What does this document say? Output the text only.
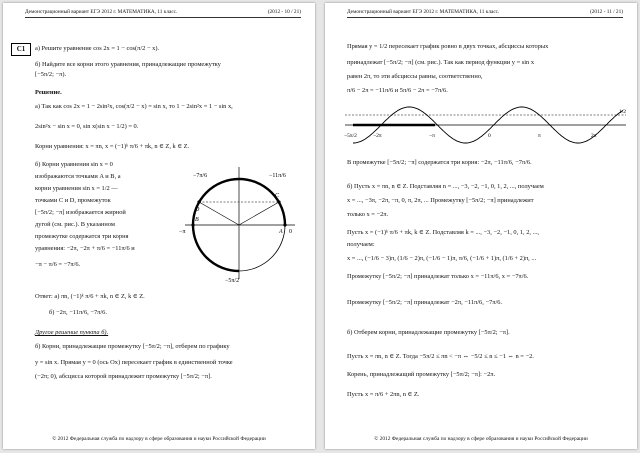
Демонстрационный вариант ЕГЭ 2012 г. МАТЕМАТИКА, 11 класс.	(2012 - 10 / 21)
C1	а) Решите уравнение cos 2x = 1 − cos(π/2 − x).
б) Найдите все корни этого уравнения, принадлежащие промежутку
[−5π/2; −π).
Решение.
а) Так как cos 2x = 1 − 2sin²x, cos(π/2 − x) = sin x, то 1 − 2sin²x = 1 − sin x,
2sin²x − sin x = 0, sin x(sin x − 1/2) = 0.
Корни уравнения: x = πn, x = (−1)ᵏ π/6 + πk, n ∈ Z, k ∈ Z.
б) Корни уравнения sin x = 0
изображаются точками A и B, а
корни уравнения sin x = 1/2 —
точками C и D, промежуток
[−5π/2; −π] изображается жирной
дугой (см. рис.). В указанном
промежутке содержатся три корня
уравнения: −2π, −2π + π/6 = −11π/6 и
−π − π/6 = −7π/6.
−7π/6	−11π/6
−π
−5π/2
C
D
A
B
0
Ответ: а) πn, (−1)ᵏ π/6 + πk, n ∈ Z, k ∈ Z.
б) −2π, −11π/6, −7π/6.
Другое решение пункта б).
б) Корни, принадлежащие промежутку [−5π/2; −π], отберем по графику
y = sin x. Прямая y = 0 (ось Ox) пересекает график в единственной точке
(−2π; 0), абсцисса которой принадлежит промежутку [−5π/2; −π].
© 2012 Федеральная служба по надзору в сфере образования и науки Российской Федерации
Демонстрационный вариант ЕГЭ 2012 г. МАТЕМАТИКА, 11 класс.	(2012 - 11 / 21)
Прямая y = 1/2 пересекает график ровно в двух точках, абсциссы которых
принадлежат [−5π/2; −π] (см. рис.). Так как период функции y = sin x
равен 2π, то эти абсциссы равны, соответственно,
π/6 − 2π = −11π/6 и 5π/6 − 2π = −7π/6.
−5π/2	−2π	−π	0	π	2π
1/2
В промежутке [−5π/2; −π] содержатся три корня: −2π, −11π/6, −7π/6.
б) Пусть x = πn, n ∈ Z. Подставляя n = ..., −3, −2, −1, 0, 1, 2, ..., получаем
x = ..., −3π, −2π, −π, 0, π, 2π, ... Промежутку [−5π/2; −π] принадлежит
только x = −2π.
Пусть x = (−1)ᵏ π/6 + πk, k ∈ Z. Подставляя k = ..., −3, −2, −1, 0, 1, 2, ...,
получаем:
x = ..., (−1/6 − 3)π, (1/6 − 2)π, (−1/6 − 1)π, π/6, (−1/6 + 1)π, (1/6 + 2)π, ...
Промежутку [−5π/2; −π] принадлежат только x = −11π/6, x = −7π/6.
Промежутку [−5π/2; −π] принадлежат −2π, −11π/6, −7π/6.
б) Отберем корни, принадлежащие промежутку [−5π/2; −π].
Пусть x = πn, n ∈ Z. Тогда −5π/2 ≤ πn < −π ⇔ −5/2 ≤ n ≤ −1 ⇔ n = −2.
Корень, принадлежащий промежутку [−5π/2; −π]: −2π.
Пусть x = π/6 + 2πn, n ∈ Z.
© 2012 Федеральная служба по надзору в сфере образования и науки Российской Федерации
